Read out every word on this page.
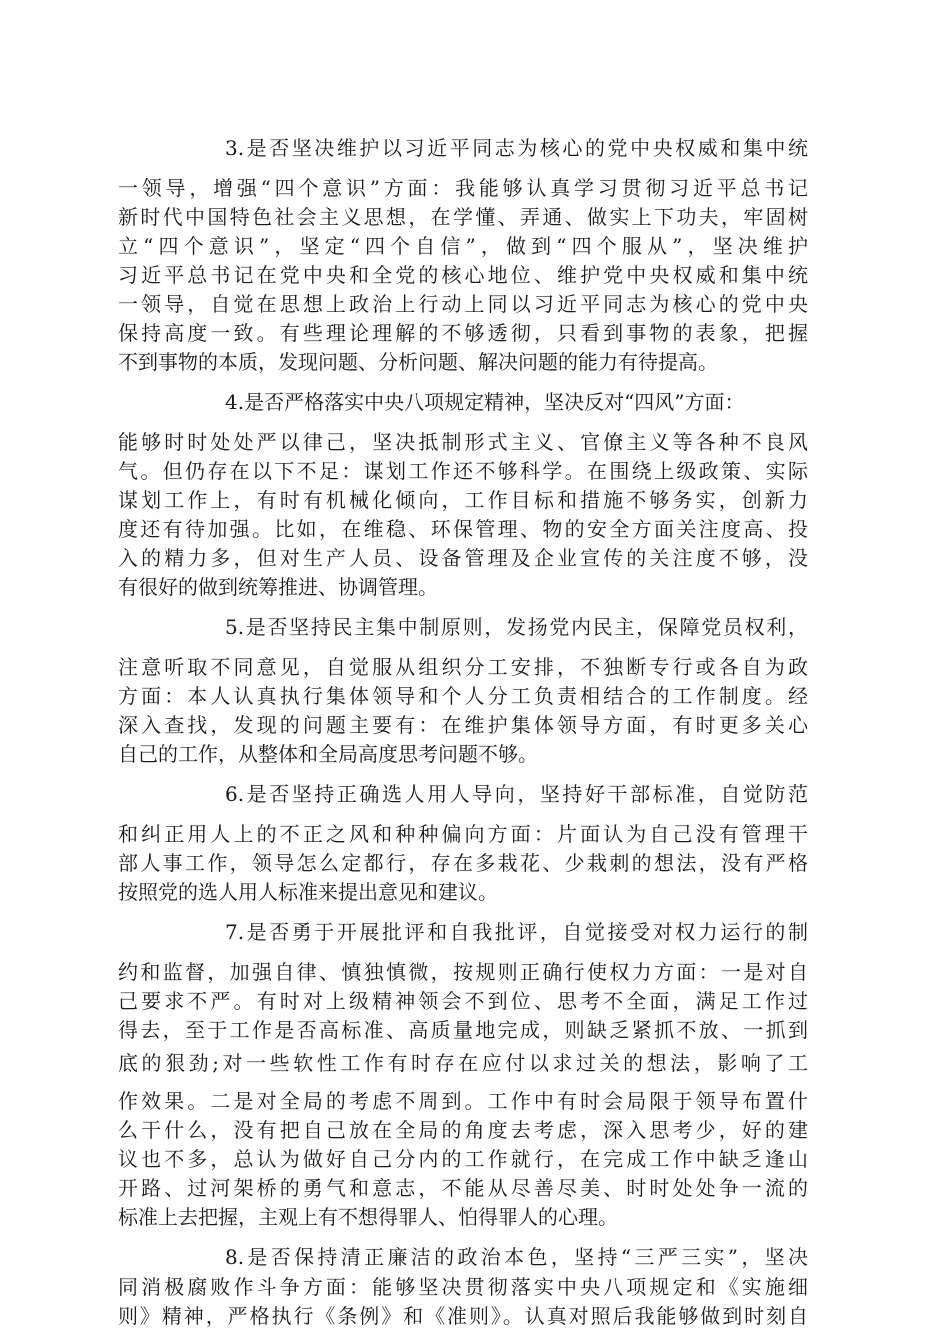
3.是否坚决维护以习近平同志为核心的党中央权威和集中统
一领导，增强“四个意识”方面：我能够认真学习贯彻习近平总书记
新时代中国特色社会主义思想，在学懂、弄通、做实上下功夫，牢固树
立“四个意识”，坚定“四个自信”，做到“四个服从”，坚决维护
习近平总书记在党中央和全党的核心地位、维护党中央权威和集中统
一领导，自觉在思想上政治上行动上同以习近平同志为核心的党中央
保持高度一致。有些理论理解的不够透彻，只看到事物的表象，把握
不到事物的本质，发现问题、分析问题、解决问题的能力有待提高。
4.是否严格落实中央八项规定精神，坚决反对“四风”方面：
能够时时处处严以律己，坚决抵制形式主义、官僚主义等各种不良风
气。但仍存在以下不足：谋划工作还不够科学。在围绕上级政策、实际
谋划工作上，有时有机械化倾向，工作目标和措施不够务实，创新力
度还有待加强。比如，在维稳、环保管理、物的安全方面关注度高、投
入的精力多，但对生产人员、设备管理及企业宣传的关注度不够，没
有很好的做到统筹推进、协调管理。
5.是否坚持民主集中制原则，发扬党内民主，保障党员权利，
注意听取不同意见，自觉服从组织分工安排，不独断专行或各自为政
方面：本人认真执行集体领导和个人分工负责相结合的工作制度。经
深入查找，发现的问题主要有：在维护集体领导方面，有时更多关心
自己的工作，从整体和全局高度思考问题不够。
6.是否坚持正确选人用人导向，坚持好干部标准，自觉防范
和纠正用人上的不正之风和种种偏向方面：片面认为自己没有管理干
部人事工作，领导怎么定都行，存在多栽花、少栽刺的想法，没有严格
按照党的选人用人标准来提出意见和建议。
7.是否勇于开展批评和自我批评，自觉接受对权力运行的制
约和监督，加强自律、慎独慎微，按规则正确行使权力方面：一是对自
己要求不严。有时对上级精神领会不到位、思考不全面，满足工作过
得去，至于工作是否高标准、高质量地完成，则缺乏紧抓不放、一抓到
底的狠劲;对一些软性工作有时存在应付以求过关的想法，影响了工
作效果。二是对全局的考虑不周到。工作中有时会局限于领导布置什
么干什么，没有把自己放在全局的角度去考虑，深入思考少，好的建
议也不多，总认为做好自己分内的工作就行，在完成工作中缺乏逢山
开路、过河架桥的勇气和意志，不能从尽善尽美、时时处处争一流的
标准上去把握，主观上有不想得罪人、怕得罪人的心理。
8.是否保持清正廉洁的政治本色，坚持“三严三实”，坚决
同消极腐败作斗争方面：能够坚决贯彻落实中央八项规定和《实施细
则》精神，严格执行《条例》和《准则》。认真对照后我能够做到时刻自
